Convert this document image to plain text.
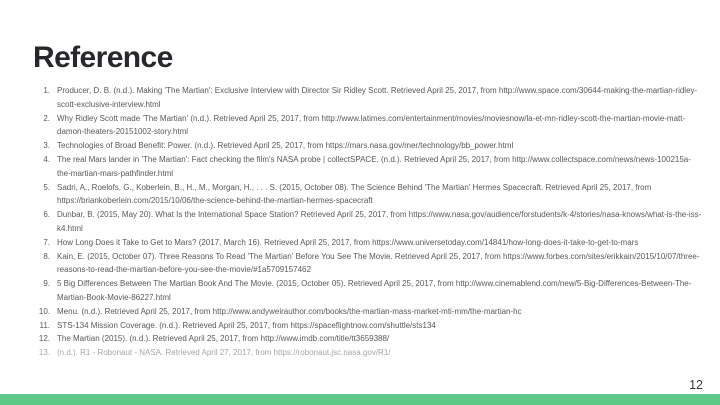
Reference
1. Producer, D. B. (n.d.). Making 'The Martian': Exclusive Interview with Director Sir Ridley Scott. Retrieved April 25, 2017, from http://www.space.com/30644-making-the-martian-ridley-scott-exclusive-interview.html
2. Why Ridley Scott made 'The Martian' (n.d.). Retrieved April 25, 2017, from http://www.latimes.com/entertainment/movies/moviesnow/la-et-mn-ridley-scott-the-martian-movie-matt-damon-theaters-20151002-story.html
3. Technologies of Broad Benefit: Power. (n.d.). Retrieved April 25, 2017, from https://mars.nasa.gov/mer/technology/bb_power.html
4. The real Mars lander in 'The Martian': Fact checking the film's NASA probe | collectSPACE. (n.d.). Retrieved April 25, 2017, from http://www.collectspace.com/news/news-100215a-the-martian-mars-pathfinder.html
5. Sadri, A., Roelofs, G., Koberlein, B., H., M., Morgan, H., . . . S. (2015, October 08). The Science Behind 'The Martian' Hermes Spacecraft. Retrieved April 25, 2017, from https://briankoberlein.com/2015/10/06/the-science-behind-the-martian-hermes-spacecraft
6. Dunbar, B. (2015, May 20). What Is the International Space Station? Retrieved April 25, 2017, from https://www.nasa.gov/audience/forstudents/k-4/stories/nasa-knows/what-is-the-iss-k4.html
7. How Long Does it Take to Get to Mars? (2017, March 16). Retrieved April 25, 2017, from https://www.universetoday.com/14841/how-long-does-it-take-to-get-to-mars
8. Kain, E. (2015, October 07). Three Reasons To Read 'The Martian' Before You See The Movie. Retrieved April 25, 2017, from https://www.forbes.com/sites/erikkain/2015/10/07/three-reasons-to-read-the-martian-before-you-see-the-movie/#1a5709157462
9. 5 Big Differences Between The Martian Book And The Movie. (2015, October 05). Retrieved April 25, 2017, from http://www.cinemablend.com/new/5-Big-Differences-Between-The-Martian-Book-Movie-86227.html
10. Menu. (n.d.). Retrieved April 25, 2017, from http://www.andyweirauthor.com/books/the-martian-mass-market-mti-mm/the-martian-hc
11. STS-134 Mission Coverage. (n.d.). Retrieved April 25, 2017, from https://spaceflightnow.com/shuttle/sts134
12. The Martian (2015). (n.d.). Retrieved April 25, 2017, from http://www.imdb.com/title/tt3659388/
13. (n.d.). R1 - Robonaut - NASA. Retrieved April 27, 2017, from https://robonaut.jsc.nasa.gov/R1/
12
